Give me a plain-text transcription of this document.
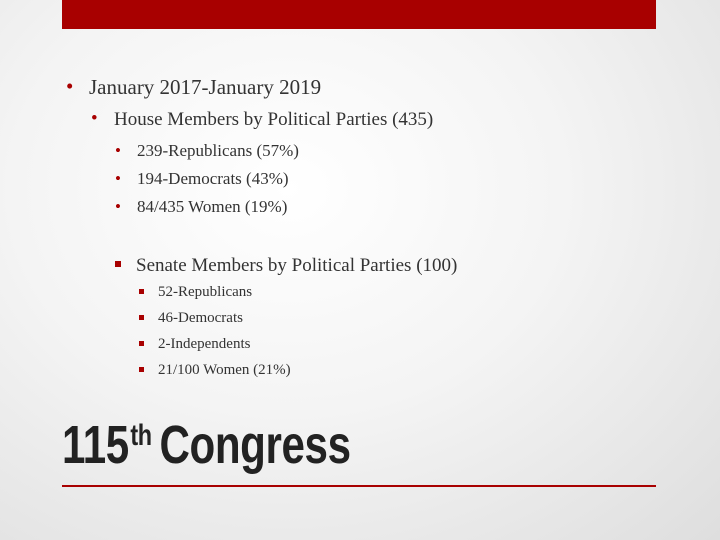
• January 2017-January 2019
• House Members by Political Parties (435)
• 239-Republicans (57%)
• 194-Democrats (43%)
• 84/435 Women (19%)
Senate Members by Political Parties (100)
52-Republicans
46-Democrats
2-Independents
21/100 Women (21%)
115th Congress
